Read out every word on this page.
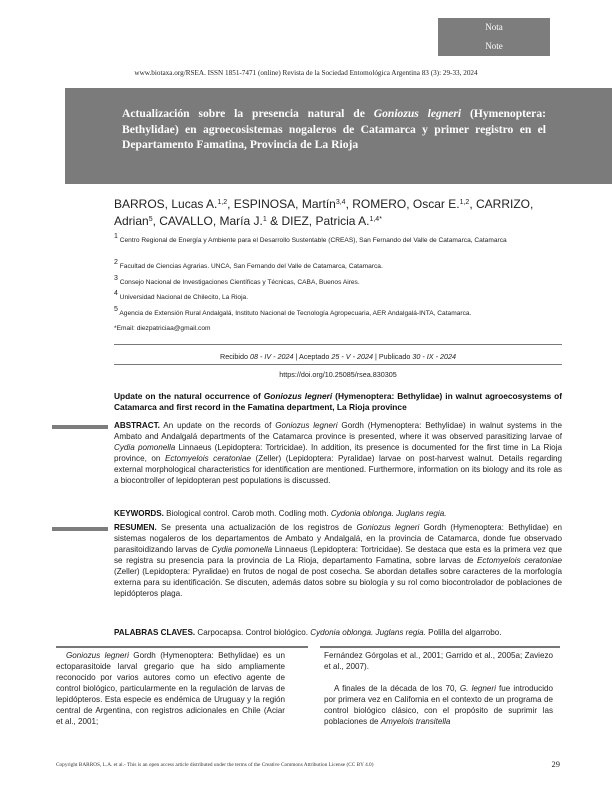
Nota
Note
www.biotaxa.org/RSEA. ISSN 1851-7471 (online) Revista de la Sociedad Entomológica Argentina 83 (3): 29-33, 2024
Actualización sobre la presencia natural de Goniozus legneri (Hymenoptera: Bethylidae) en agroecosistemas nogaleros de Catamarca y primer registro en el Departamento Famatina, Provincia de La Rioja
BARROS, Lucas A.$^{1,2}$, ESPINOSA, Martín$^{3,4}$, ROMERO, Oscar E.$^{1,2}$, CARRIZO, Adrian$^5$, CAVALLO, María J.$^1$ & DIEZ, Patricia A.$^{1,4*}$
$^1$ Centro Regional de Energía y Ambiente para el Desarrollo Sustentable (CREAS), San Fernando del Valle de Catamarca, Catamarca
$^2$ Facultad de Ciencias Agrarias. UNCA, San Fernando del Valle de Catamarca, Catamarca.
$^3$ Consejo Nacional de Investigaciones Científicas y Técnicas, CABA, Buenos Aires.
$^4$ Universidad Nacional de Chilecito, La Rioja.
$^5$ Agencia de Extensión Rural Andalgalá, Instituto Nacional de Tecnología Agropecuaria, AER Andalgalá-INTA, Catamarca.
*Email: diezpatriciaa@gmail.com
Recibido 08 - IV - 2024 | Aceptado 25 - V - 2024 | Publicado 30 - IX - 2024
https://doi.org/10.25085/rsea.830305
Update on the natural occurrence of Goniozus legneri (Hymenoptera: Bethylidae) in walnut agroecosystems of Catamarca and first record in the Famatina department, La Rioja province
ABSTRACT. An update on the records of Goniozus legneri Gordh (Hymenoptera: Bethylidae) in walnut systems in the Ambato and Andalgalá departments of the Catamarca province is presented, where it was observed parasitizing larvae of Cydia pomonella Linnaeus (Lepidoptera: Tortricidae). In addition, its presence is documented for the first time in La Rioja province, on Ectomyelois ceratoniae (Zeller) (Lepidoptera: Pyralidae) larvae on post-harvest walnut. Details regarding external morphological characteristics for identification are mentioned. Furthermore, information on its biology and its role as a biocontroller of lepidopteran pest populations is discussed.
KEYWORDS. Biological control. Carob moth. Codling moth. Cydonia oblonga. Juglans regia.
RESUMEN. Se presenta una actualización de los registros de Goniozus legneri Gordh (Hymenoptera: Bethylidae) en sistemas nogaleros de los departamentos de Ambato y Andalgalá, en la provincia de Catamarca, donde fue observado parasitoidizando larvas de Cydia pomonella Linnaeus (Lepidoptera: Tortricidae). Se destaca que esta es la primera vez que se registra su presencia para la provincia de La Rioja, departamento Famatina, sobre larvas de Ectomyelois ceratoniae (Zeller) (Lepidoptera: Pyralidae) en frutos de nogal de post cosecha. Se abordan detalles sobre caracteres de la morfología externa para su identificación. Se discuten, además datos sobre su biología y su rol como biocontrolador de poblaciones de lepidópteros plaga.
PALABRAS CLAVES. Carpocapsa. Control biológico. Cydonia oblonga. Juglans regia. Polilla del algarrobo.

Goniozus legneri Gordh (Hymenoptera: Bethylidae) es un ectoparasitoide larval gregario que ha sido ampliamente reconocido por varios autores como un efectivo agente de control biológico, particularmente en la regulación de larvas de lepidópteros. Esta especie es endémica de Uruguay y la región central de Argentina, con registros adicionales en Chile (Aciar et al., 2001;

Fernández Górgolas et al., 2001; Garrido et al., 2005a; Zaviezo et al., 2007).

A finales de la década de los 70, G. legneri fue introducido por primera vez en California en el contexto de un programa de control biológico clásico, con el propósito de suprimir las poblaciones de Amyelois transitella

Copyright BARROS, L.A. et al.- This is an open access article distributed under the terms of the Creative Commons Attribution License (CC BY 4.0)	29
